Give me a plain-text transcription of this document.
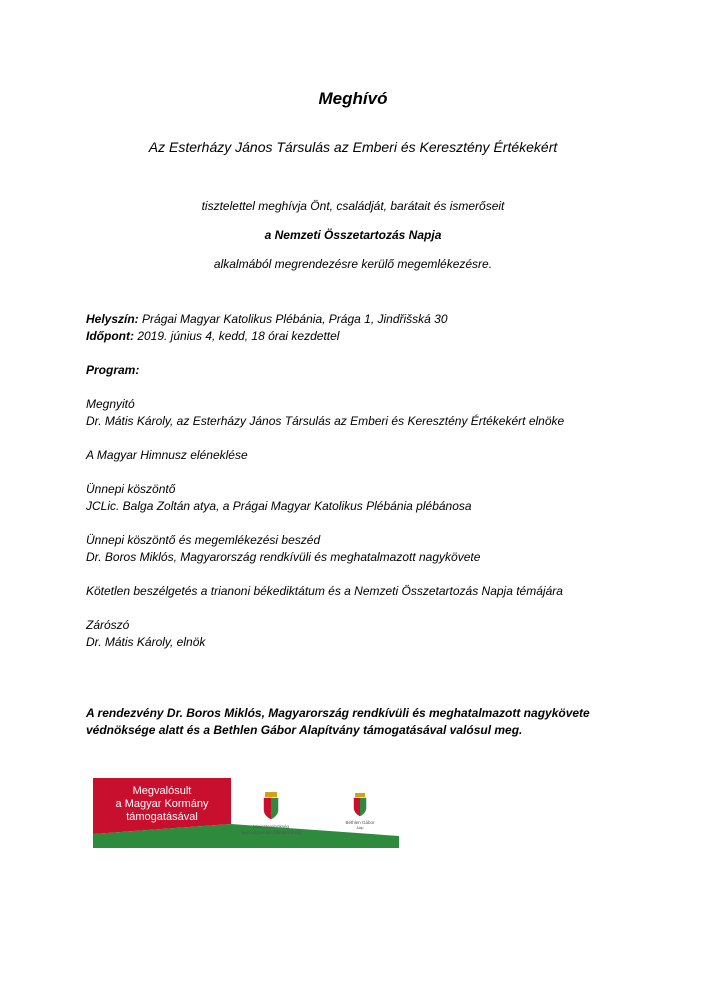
Meghívó
Az Esterházy János Társulás az Emberi és Keresztény Értékekért
tisztelettel meghívja Önt, családját, barátait és ismerőseit
a Nemzeti Összetartozás Napja
alkalmából megrendezésre kerülő megemlékezésre.

Helyszín: Prágai Magyar Katolikus Plébánia, Prága 1, Jindřišská 30

Időpont: 2019. június 4, kedd, 18 órai kezdettel

Program:

Megnyitó

Dr. Mátis Károly, az Esterházy János Társulás az Emberi és Keresztény Értékekért elnöke

A Magyar Himnusz eléneklése

Ünnepi köszöntő

JCLic. Balga Zoltán atya, a Prágai Magyar Katolikus Plébánia plébánosa

Ünnepi köszöntő és megemlékezési beszéd

Dr. Boros Miklós, Magyarország rendkívüli és meghatalmazott nagykövete

Kötetlen beszélgetés a trianoni békediktátum és a Nemzeti Összetartozás Napja témájára

Zárószó

Dr. Mátis Károly, elnök

A rendezvény Dr. Boros Miklós, Magyarország rendkívüli és meghatalmazott nagykövete

védnöksége alatt és a Bethlen Gábor Alapítvány támogatásával valósul meg.

Megvalósult
a Magyar Kormány
támogatásával
Miniszterelnökség
Nemzetpolitikai Államtitkárság
Bethlen Gábor
Alap
